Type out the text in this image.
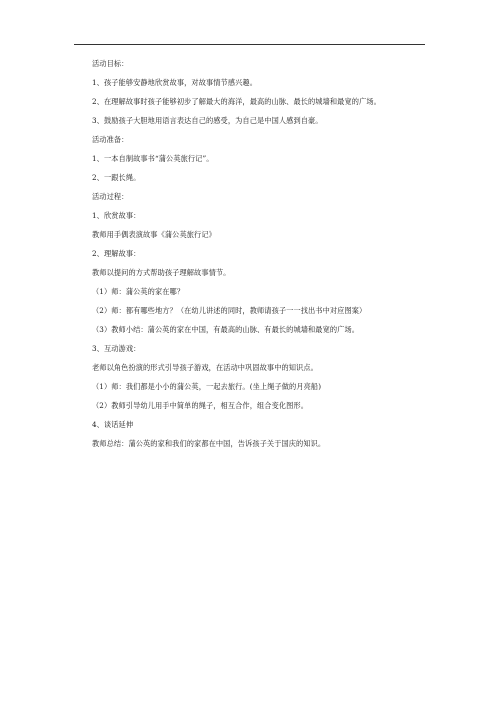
活动目标：

1、孩子能够安静地欣赏故事，对故事情节感兴趣。

2、在理解故事时孩子能够初步了解最大的海洋，最高的山脉、最长的城墙和最宽的广场。

3、鼓励孩子大胆地用语言表达自己的感受，为自己是中国人感到自豪。

活动准备：

1、一本自制故事书“蒲公英旅行记”。

2、一跟长绳。

活动过程：

1、欣赏故事：

教师用手偶表演故事《蒲公英旅行记》

2、理解故事：

教师以提问的方式帮助孩子理解故事情节。

（1）师：蒲公英的家在哪？

（2）师：都有哪些地方？（在幼儿讲述的同时，教师请孩子一一找出书中对应图案）

（3）教师小结：蒲公英的家在中国，有最高的山脉、有最长的城墙和最宽的广场。

3、互动游戏：

老师以角色扮演的形式引导孩子游戏，在活动中巩固故事中的知识点。

（1）师：我们都是小小的蒲公英，一起去旅行。(坐上绳子做的月亮船)

（2）教师引导幼儿用手中简单的绳子，相互合作，组合变化图形。

4、谈话延伸

教师总结：蒲公英的家和我们的家都在中国，告诉孩子关于国庆的知识。
